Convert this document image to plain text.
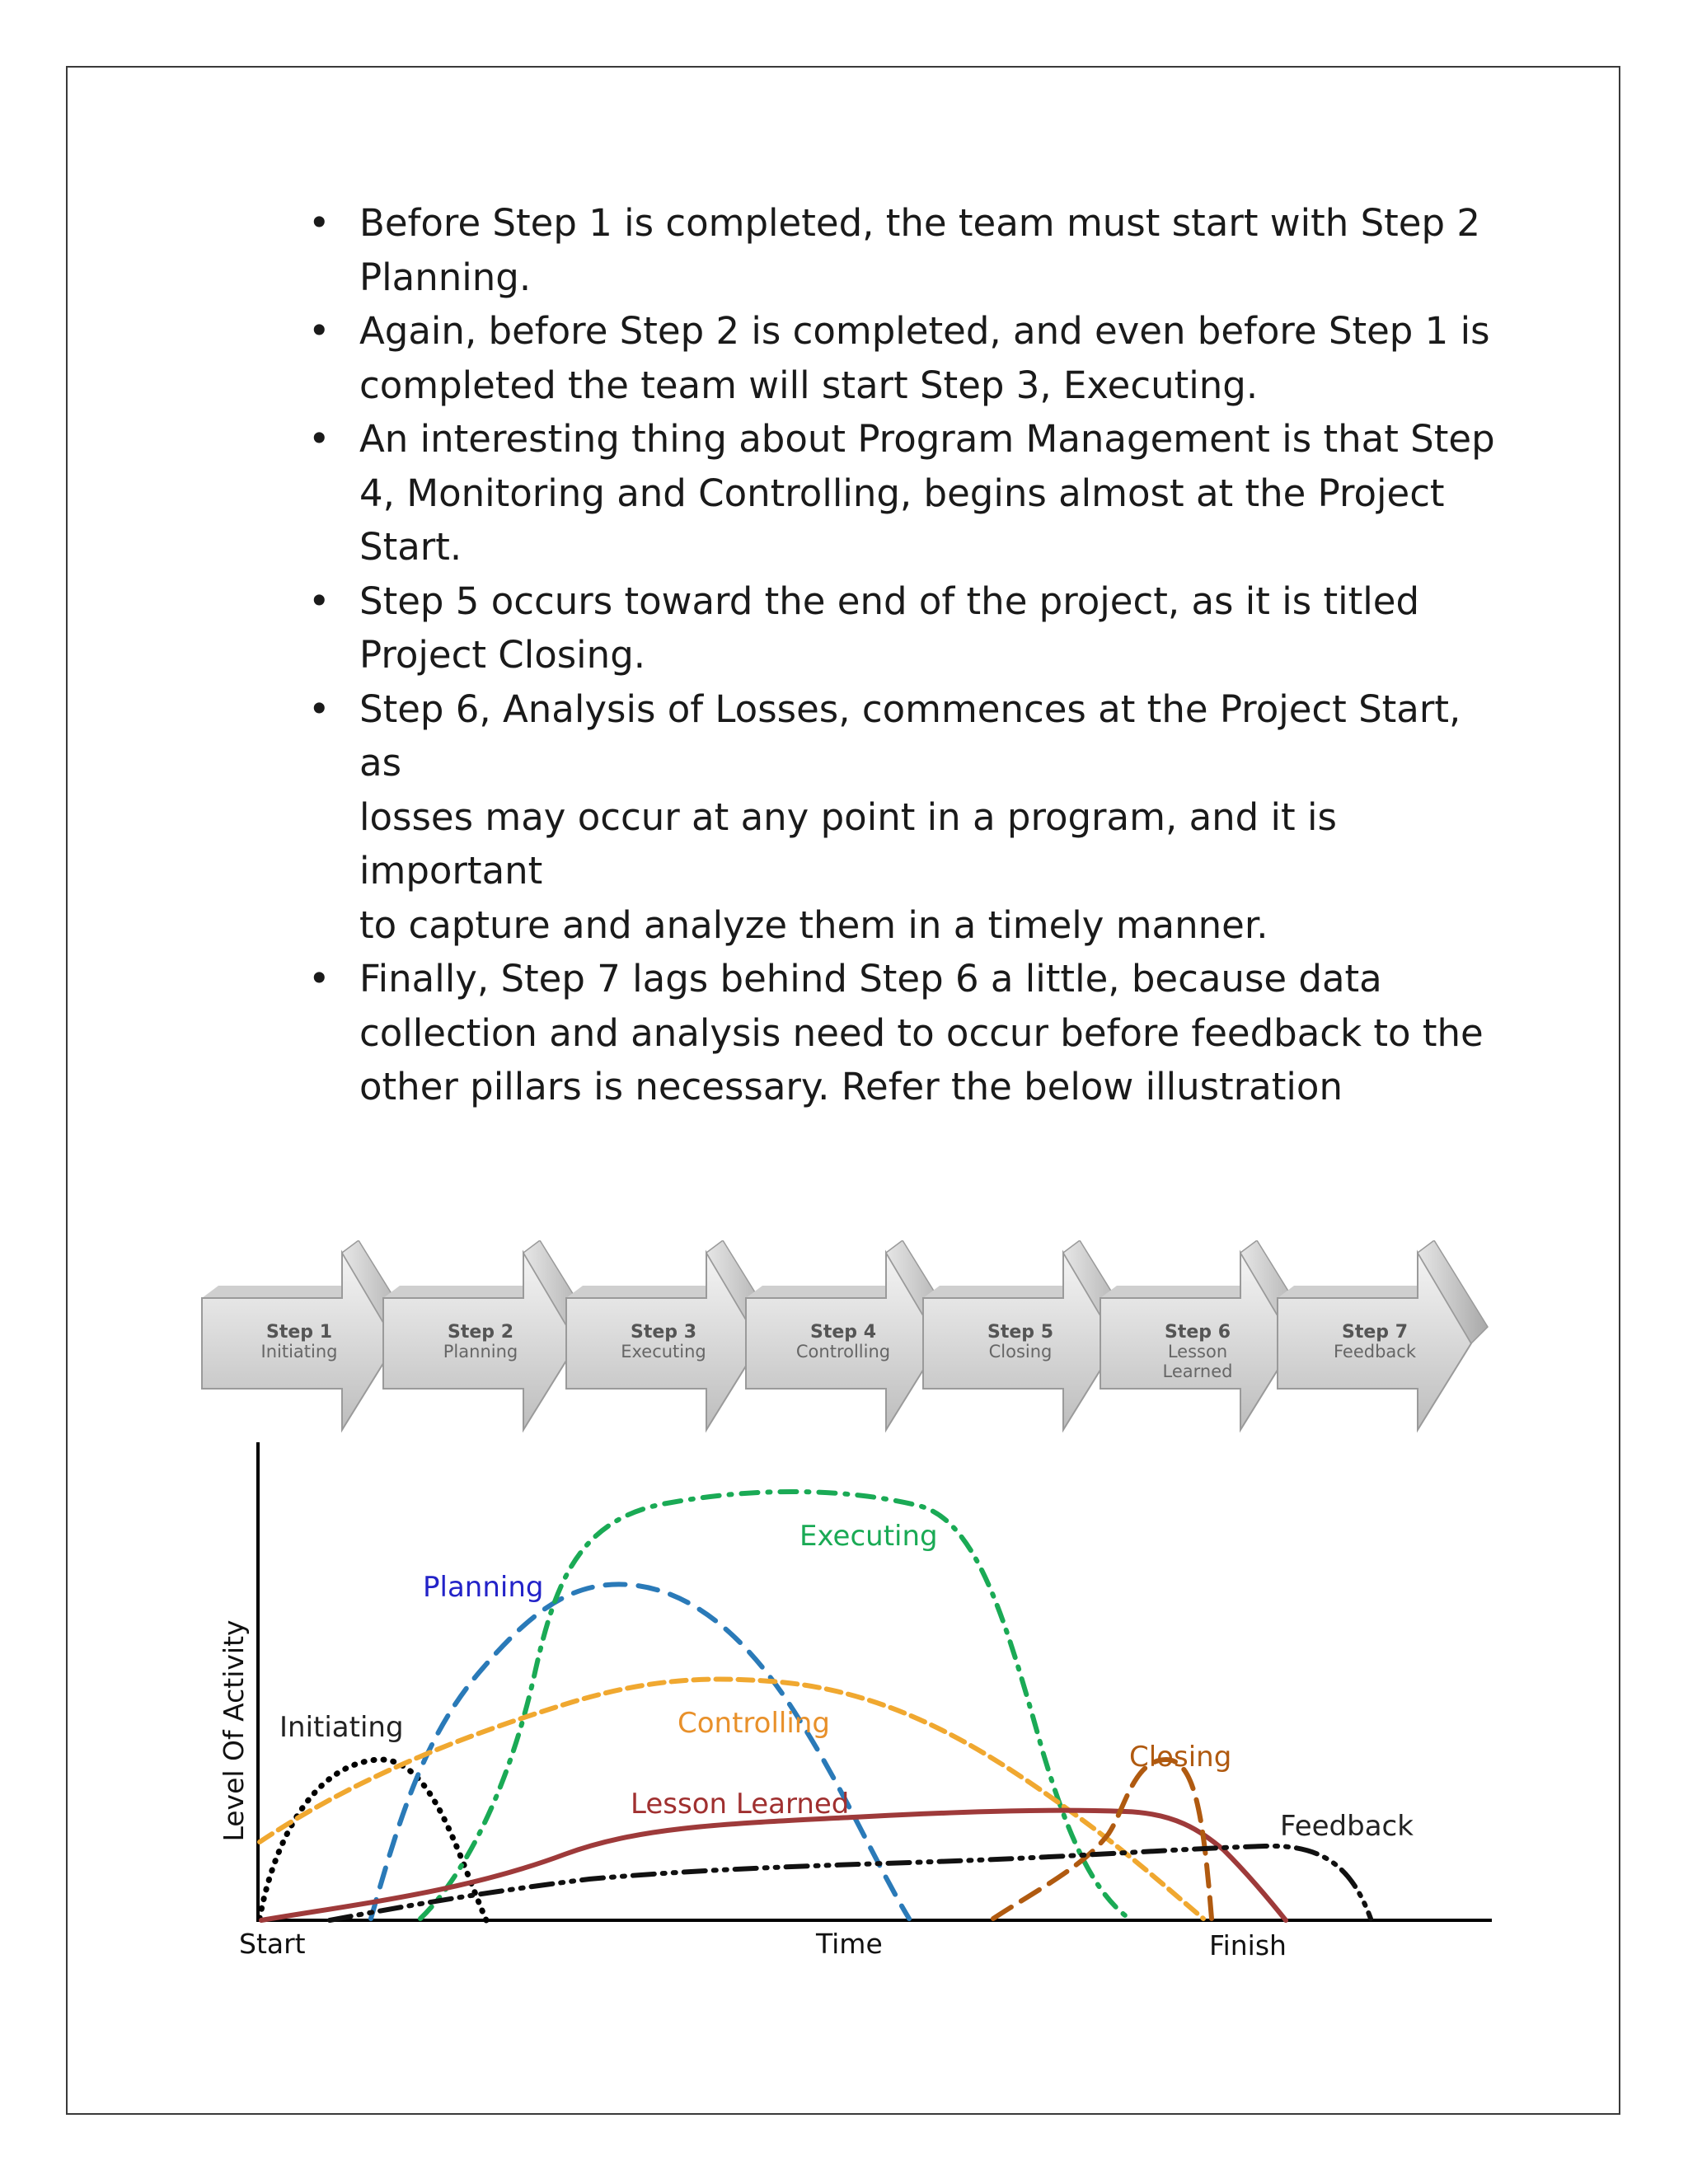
• Before Step 1 is completed, the team must start with Step 2
Planning.
• Again, before Step 2 is completed, and even before Step 1 is
completed the team will start Step 3, Executing.
• An interesting thing about Program Management is that Step
4, Monitoring and Controlling, begins almost at the Project
Start.
• Step 5 occurs toward the end of the project, as it is titled
Project Closing.
• Step 6, Analysis of Losses, commences at the Project Start, as
losses may occur at any point in a program, and it is important
to capture and analyze them in a timely manner.
• Finally, Step 7 lags behind Step 6 a little, because data
collection and analysis need to occur before feedback to the
other pillars is necessary. Refer the below illustration
Step 1
Initiating
Step 2
Planning
Step 3
Executing
Step 4
Controlling
Step 5
Closing
Step 6
Lesson
Learned
Step 7
Feedback
Level Of Activity
Start	Time	Finish
Initiating
Planning
Executing
Controlling
Lesson Learned
Closing
Feedback
